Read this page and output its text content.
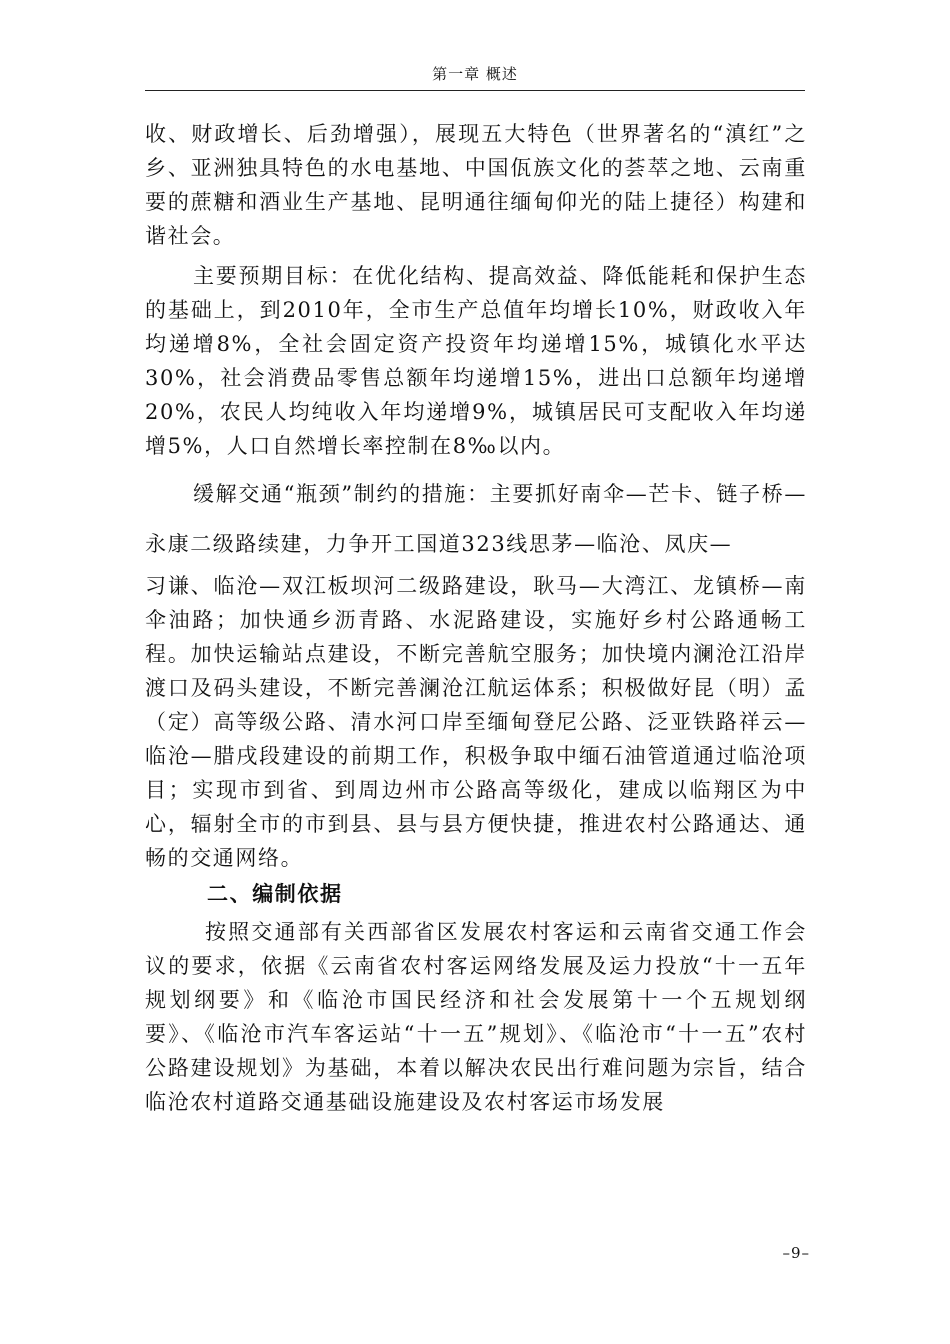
第一章 概述

收、财政增长、后劲增强），展现五大特色（世界著名的“滇红”之乡、亚洲独具特色的水电基地、中国佤族文化的荟萃之地、云南重要的蔗糖和酒业生产基地、昆明通往缅甸仰光的陆上捷径）构建和谐社会。

主要预期目标：在优化结构、提高效益、降低能耗和保护生态的基础上，到2010年，全市生产总值年均增长10%，财政收入年均递增8%，全社会固定资产投资年均递增15%，城镇化水平达30%，社会消费品零售总额年均递增15%，进出口总额年均递增20%，农民人均纯收入年均递增9%，城镇居民可支配收入年均递增5%，人口自然增长率控制在8‰以内。

缓解交通“瓶颈”制约的措施：主要抓好南伞—芒卡、链子桥—永康二级路续建，力争开工国道323线思茅—临沧、凤庆—

习谦、临沧—双江板坝河二级路建设，耿马—大湾江、龙镇桥—南伞油路；加快通乡沥青路、水泥路建设，实施好乡村公路通畅工程。加快运输站点建设，不断完善航空服务；加快境内澜沧江沿岸渡口及码头建设，不断完善澜沧江航运体系；积极做好昆（明）孟（定）高等级公路、清水河口岸至缅甸登尼公路、泛亚铁路祥云—临沧—腊戌段建设的前期工作，积极争取中缅石油管道通过临沧项目；实现市到省、到周边州市公路高等级化，建成以临翔区为中心，辐射全市的市到县、县与县方便快捷，推进农村公路通达、通畅的交通网络。

二、编制依据

按照交通部有关西部省区发展农村客运和云南省交通工作会议的要求，依据《云南省农村客运网络发展及运力投放“十一五年规划纲要》和《临沧市国民经济和社会发展第十一个五规划纲要》、《临沧市汽车客运站“十一五”规划》、《临沧市“十一五”农村公路建设规划》为基础，本着以解决农民出行难问题为宗旨，结合临沧农村道路交通基础设施建设及农村客运市场发展

–9–
